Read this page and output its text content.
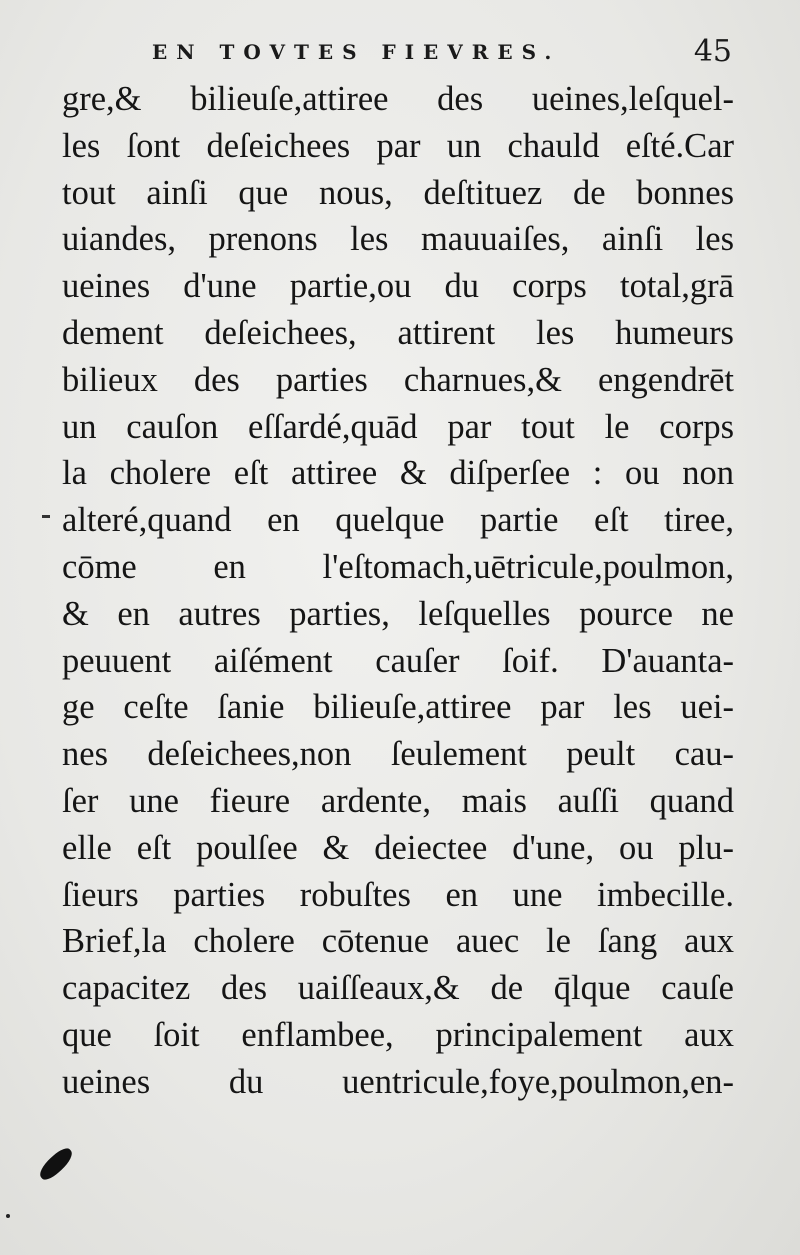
EN TOVTES FIEVRES.	45
gre,& bilieuſe,attiree des ueines,leſquel-
les ſont deſeichees par un chauld eſté.Car
tout ainſi que nous, deſtituez de bonnes
uiandes, prenons les mauuaiſes, ainſi les
ueines d'une partie,ou du corps total,grā
dement deſeichees, attirent les humeurs
bilieux des parties charnues,& engendrēt
un cauſon eſſardé,quād par tout le corps
la cholere eſt attiree & diſperſee : ou non
alteré,quand en quelque partie eſt tiree,
cōme en l'eſtomach,uētricule,poulmon,
& en autres parties, leſquelles pource ne
peuuent aiſément cauſer ſoif. D'auanta-
ge ceſte ſanie bilieuſe,attiree par les uei-
nes deſeichees,non ſeulement peult cau-
ſer une fieure ardente, mais auſſi quand
elle eſt poulſee & deiectee d'une, ou plu-
ſieurs parties robuſtes en une imbecille.
Brief,la cholere cōtenue auec le ſang aux
capacitez des uaiſſeaux,& de q̄lque cauſe
que ſoit enflambee, principalement aux
ueines du uentricule,foye,poulmon,en-
